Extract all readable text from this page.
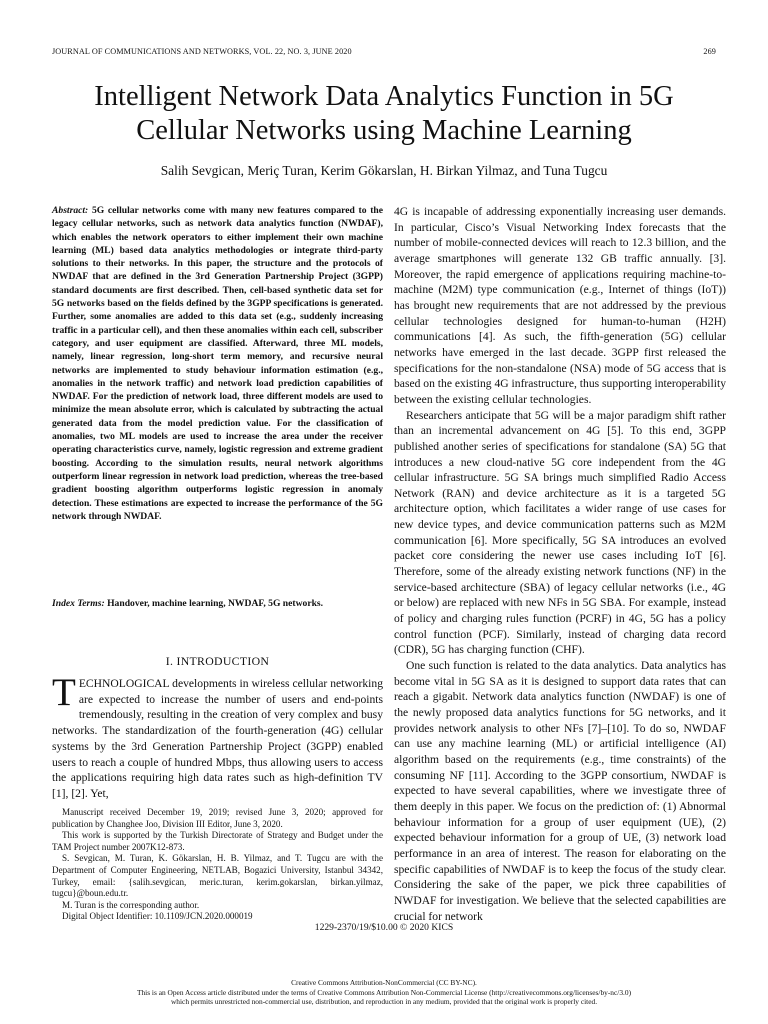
JOURNAL OF COMMUNICATIONS AND NETWORKS, VOL. 22, NO. 3, JUNE 2020	269
Intelligent Network Data Analytics Function in 5G
Cellular Networks using Machine Learning
Salih Sevgican, Meriç Turan, Kerim Gökarslan, H. Birkan Yilmaz, and Tuna Tugcu
Abstract: 5G cellular networks come with many new features compared to the legacy cellular networks, such as network data analytics function (NWDAF), which enables the network operators to either implement their own machine learning (ML) based data analytics methodologies or integrate third-party solutions to their networks. In this paper, the structure and the protocols of NWDAF that are defined in the 3rd Generation Partnership Project (3GPP) standard documents are first described. Then, cell-based synthetic data set for 5G networks based on the fields defined by the 3GPP specifications is generated. Further, some anomalies are added to this data set (e.g., suddenly increasing traffic in a particular cell), and then these anomalies within each cell, subscriber category, and user equipment are classified. Afterward, three ML models, namely, linear regression, long-short term memory, and recursive neural networks are implemented to study behaviour information estimation (e.g., anomalies in the network traffic) and network load prediction capabilities of NWDAF. For the prediction of network load, three different models are used to minimize the mean absolute error, which is calculated by subtracting the actual generated data from the model prediction value. For the classification of anomalies, two ML models are used to increase the area under the receiver operating characteristics curve, namely, logistic regression and extreme gradient boosting. According to the simulation results, neural network algorithms outperform linear regression in network load prediction, whereas the tree-based gradient boosting algorithm outperforms logistic regression in anomaly detection. These estimations are expected to increase the performance of the 5G network through NWDAF.
Index Terms: Handover, machine learning, NWDAF, 5G networks.
I. INTRODUCTION
TECHNOLOGICAL developments in wireless cellular networking are expected to increase the number of users and end-points tremendously, resulting in the creation of very complex and busy networks. The standardization of the fourth-generation (4G) cellular systems by the 3rd Generation Partnership Project (3GPP) enabled users to reach a couple of hundred Mbps, thus allowing users to access the applications requiring high data rates such as high-definition TV [1], [2]. Yet,

Manuscript received December 19, 2019; revised June 3, 2020; approved for publication by Changhee Joo, Division III Editor, June 3, 2020.

This work is supported by the Turkish Directorate of Strategy and Budget under the TAM Project number 2007K12-873.

S. Sevgican, M. Turan, K. Gökarslan, H. B. Yilmaz, and T. Tugcu are with the Department of Computer Engineering, NETLAB, Bogazici University, Istanbul 34342, Turkey, email: {salih.sevgican, meric.turan, kerim.gokarslan, birkan.yilmaz, tugcu}@boun.edu.tr.

M. Turan is the corresponding author.

Digital Object Identifier: 10.1109/JCN.2020.000019

4G is incapable of addressing exponentially increasing user demands. In particular, Cisco’s Visual Networking Index forecasts that the number of mobile-connected devices will reach to 12.3 billion, and the average smartphones will generate 132 GB traffic annually. [3]. Moreover, the rapid emergence of applications requiring machine-to-machine (M2M) type communication (e.g., Internet of things (IoT)) has brought new requirements that are not addressed by the previous cellular technologies designed for human-to-human (H2H) communications [4]. As such, the fifth-generation (5G) cellular networks have emerged in the last decade. 3GPP first released the specifications for the non-standalone (NSA) mode of 5G access that is based on the existing 4G infrastructure, thus supporting interoperability between the existing cellular technologies.

Researchers anticipate that 5G will be a major paradigm shift rather than an incremental advancement on 4G [5]. To this end, 3GPP published another series of specifications for standalone (SA) 5G that introduces a new cloud-native 5G core independent from the 4G cellular infrastructure. 5G SA brings much simplified Radio Access Network (RAN) and device architecture as it is a targeted 5G architecture option, which facilitates a wider range of use cases for new device types, and device communication patterns such as M2M communication [6]. More specifically, 5G SA introduces an evolved packet core considering the newer use cases including IoT [6]. Therefore, some of the already existing network functions (NF) in the service-based architecture (SBA) of legacy cellular networks (i.e., 4G or below) are replaced with new NFs in 5G SBA. For example, instead of policy and charging rules function (PCRF) in 4G, 5G has a policy control function (PCF). Similarly, instead of charging data record (CDR), 5G has charging function (CHF).

One such function is related to the data analytics. Data analytics has become vital in 5G SA as it is designed to support data rates that can reach a gigabit. Network data analytics function (NWDAF) is one of the newly proposed data analytics functions for 5G networks, and it provides network analysis to other NFs [7]–[10]. To do so, NWDAF can use any machine learning (ML) or artificial intelligence (AI) algorithm based on the requirements (e.g., time constraints) of the consuming NF [11]. According to the 3GPP consortium, NWDAF is expected to have several capabilities, where we investigate three of them deeply in this paper. We focus on the prediction of: (1) Abnormal behaviour information for a group of user equipment (UE), (2) expected behaviour information for a group of UE, (3) network load performance in an area of interest. The reason for elaborating on the specific capabilities of NWDAF is to keep the focus of the study clear. Considering the sake of the paper, we pick three capabilities of NWDAF for investigation. We believe that the selected capabilities are crucial for network

1229-2370/19/$10.00 © 2020 KICS
Creative Commons Attribution-NonCommercial (CC BY-NC).
This is an Open Access article distributed under the terms of Creative Commons Attribution Non-Commercial License (http://creativecommons.org/licenses/by-nc/3.0)
which permits unrestricted non-commercial use, distribution, and reproduction in any medium, provided that the original work is properly cited.
